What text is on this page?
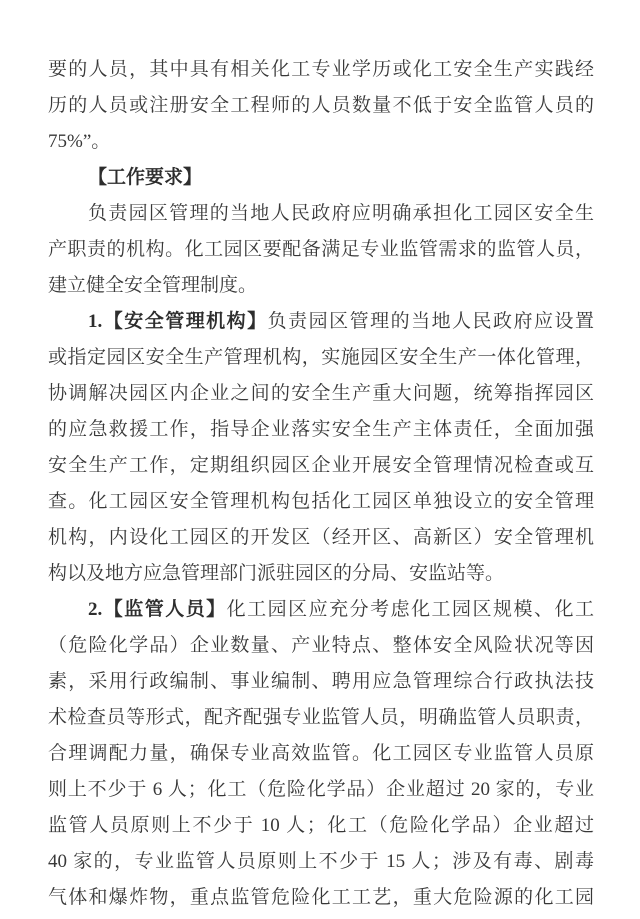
要的人员，其中具有相关化工专业学历或化工安全生产实践经
历的人员或注册安全工程师的人员数量不低于安全监管人员的
75%”。
【工作要求】
负责园区管理的当地人民政府应明确承担化工园区安全生
产职责的机构。化工园区要配备满足专业监管需求的监管人员，
建立健全安全管理制度。
1.【安全管理机构】负责园区管理的当地人民政府应设置
或指定园区安全生产管理机构，实施园区安全生产一体化管理，
协调解决园区内企业之间的安全生产重大问题，统筹指挥园区
的应急救援工作，指导企业落实安全生产主体责任，全面加强
安全生产工作，定期组织园区企业开展安全管理情况检查或互
查。化工园区安全管理机构包括化工园区单独设立的安全管理
机构，内设化工园区的开发区（经开区、高新区）安全管理机
构以及地方应急管理部门派驻园区的分局、安监站等。
2.【监管人员】化工园区应充分考虑化工园区规模、化工
（危险化学品）企业数量、产业特点、整体安全风险状况等因
素，采用行政编制、事业编制、聘用应急管理综合行政执法技
术检查员等形式，配齐配强专业监管人员，明确监管人员职责，
合理调配力量，确保专业高效监管。化工园区专业监管人员原
则上不少于 6 人；化工（危险化学品）企业超过 20 家的，专业
监管人员原则上不少于 10 人；化工（危险化学品）企业超过
40 家的，专业监管人员原则上不少于 15 人；涉及有毒、剧毒
气体和爆炸物，重点监管危险化工工艺，重大危险源的化工园
